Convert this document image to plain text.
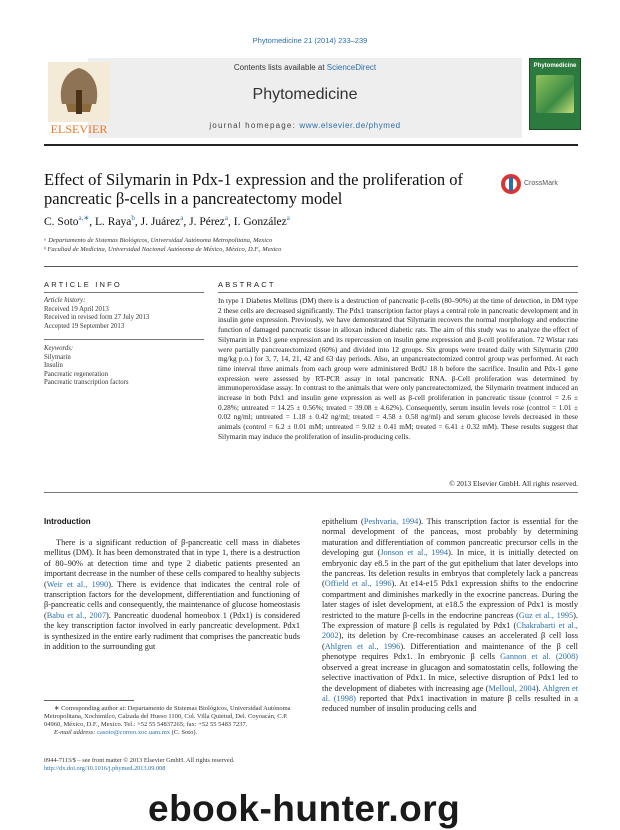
Phytomedicine 21 (2014) 233–239
ELSEVIER
Contents lists available at ScienceDirect
Phytomedicine
journal homepage: www.elsevier.de/phymed
Phytomedicine
Effect of Silymarin in Pdx-1 expression and the proliferation of pancreatic β-cells in a pancreatectomy model
CrossMark
C. Soto$^{a,∗}$, L. Raya$^b$, J. Juárez$^a$, J. Pérez$^a$, I. González$^a$
ᵃ Departamento de Sistemas Biológicos, Universidad Autónoma Metropolitana, Mexico
ᵇ Facultad de Medicina, Universidad Nacional Autónoma de México, México, D.F., Mexico
ARTICLE INFO
Article history:
Received 19 April 2013
Received in revised form 27 July 2013
Accepted 19 September 2013
Keywords:
Silymarin
Insulin
Pancreatic regeneration
Pancreatic transcription factors
ABSTRACT
In type 1 Diabetes Mellitus (DM) there is a destruction of pancreatic β-cells (80–90%) at the time of detection, in DM type 2 these cells are decreased significantly. The Pdx1 transcription factor plays a central role in pancreatic development and in insulin gene expression. Previously, we have demonstrated that Silymarin recovers the normal morphology and endocrine function of damaged pancreatic tissue in alloxan induced diabetic rats. The aim of this study was to analyze the effect of Silymarin in Pdx1 gene expression and its repercussion on insulin gene expression and β-cell proliferation. 72 Wistar rats were partially pancreatectomized (60%) and divided into 12 groups. Six groups were treated daily with Silymarin (200 mg/kg p.o.) for 3, 7, 14, 21, 42 and 63 day periods. Also, an unpancreatectomized control group was performed. At each time interval three animals from each group were administered BrdU 18 h before the sacrifice. Insulin and Pdx-1 gene expression were assessed by RT-PCR assay in total pancreatic RNA. β-Cell proliferation was determined by immunoperoxidase assay. In contrast to the animals that were only pancreatectomized, the Silymarin treatment induced an increase in both Pdx1 and insulin gene expression as well as β-cell proliferation in pancreatic tissue (control = 2.6 ± 0.28%; untreated = 14.25 ± 0.56%; treated = 39.08 ± 4.62%). Consequently, serum insulin levels rose (control = 1.01 ± 0.02 ng/ml; untreated = 1.18 ± 0.42 ng/ml; treated = 4.58 ± 0.58 ng/ml) and serum glucose levels decreased in these animals (control = 6.2 ± 0.01 mM; untreated = 9.02 ± 0.41 mM; treated = 6.41 ± 0.32 mM). These results suggest that Silymarin may induce the proliferation of insulin-producing cells.
© 2013 Elsevier GmbH. All rights reserved.
Introduction
There is a significant reduction of β-pancreatic cell mass in diabetes mellitus (DM). It has been demonstrated that in type 1, there is a destruction of 80–90% at detection time and type 2 diabetic patients presented an important decrease in the number of these cells compared to healthy subjects (Weir et al., 1990). There is evidence that indicates the central role of transcription factors for the development, differentiation and functioning of β-pancreatic cells and consequently, the maintenance of glucose homeostasis (Babu et al., 2007). Pancreatic duodenal homeobox 1 (Pdx1) is considered the key transcription factor involved in early pancreatic development. Pdx1 is synthesized in the entire early rudiment that comprises the pancreatic buds in addition to the surrounding gut
epithelium (Peshvaria, 1994). This transcription factor is essential for the normal development of the panceas, most probably by determining maturation and differentiation of common pancreatic precursor cells in the developing gut (Jonson et al., 1994). In mice, it is initially detected on embryonic day e8.5 in the part of the gut epithelium that later develops into the pancreas. Its deletion results in embryos that completely lack a pancreas (Offield et al., 1996). At e14-e15 Pdx1 expression shifts to the endocrine compartment and diminishes markedly in the exocrine pancreas. During the later stages of islet development, at e18.5 the expression of Pdx1 is mostly restricted to the mature β-cells in the endocrine pancreas (Guz et al., 1995). The expression of mature β cells is regulated by Pdx1 (Chakrabarti et al., 2002), its deletion by Cre-recombinase causes an accelerated β cell loss (Ahlgren et al., 1996). Differentiation and maintenance of the β cell phenotype requires Pdx1. In embryonic β cells Gannon et al. (2008) observed a great increase in glucagon and somatostatin cells, following the selective inactivation of Pdx1. In mice, selective disruption of Pdx1 led to the development of diabetes with increasing age (Melloul, 2004). Ahlgren et al. (1998) reported that Pdx1 inactivation in mature β cells resulted in a reduced number of insulin producing cells and
∗ Corresponding author at: Departamento de Sistemas Biológicos, Universidad Autónoma Metropolitana, Xochimilco, Calzada del Hueso 1100, Col. Villa Quietud, Del. Coyoacán, C.P. 04960, México, D.F., Mexico. Tel.: +52 55 54837265; fax: +52 55 5483 7237.
E-mail address: casoto@correo.xoc.uam.mx (C. Soto).
0944-7113/$ – see front matter © 2013 Elsevier GmbH. All rights reserved.
http://dx.doi.org/10.1016/j.phymed.2013.09.008
ebook-hunter.org
